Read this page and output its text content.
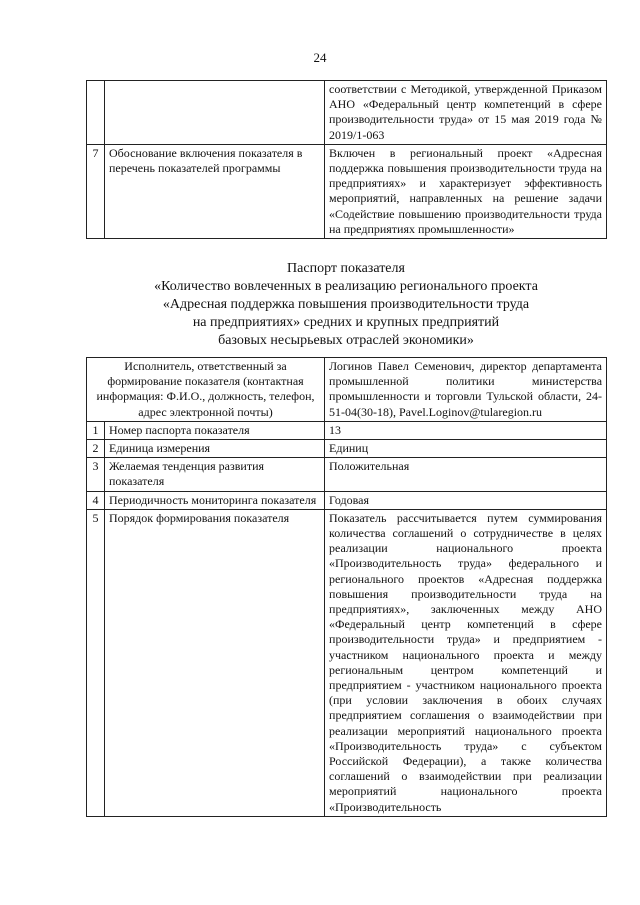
24
		соответствии с Методикой, утвержденной Приказом АНО «Федеральный центр компетенций в сфере производительности труда» от 15 мая 2019 года № 2019/1-063
7	Обоснование включения показателя в перечень показателей программы	Включен в региональный проект «Адресная поддержка повышения производительности труда на предприятиях» и характеризует эффективность мероприятий, направленных на решение задачи «Содействие повышению производительности труда на предприятиях промышленности»
Паспорт показателя
«Количество вовлеченных в реализацию регионального проекта
«Адресная поддержка повышения производительности труда
на предприятиях» средних и крупных предприятий
базовых несырьевых отраслей экономики»
Исполнитель, ответственный за формирование показателя (контактная информация: Ф.И.О., должность, телефон, адрес электронной почты)		Логинов Павел Семенович, директор департамента промышленной политики министерства промышленности и торговли Тульской области, 24-51-04(30-18), Pavel.Loginov@tularegion.ru
1	Номер паспорта показателя	13
2	Единица измерения	Единиц
3	Желаемая тенденция развития показателя	Положительная
4	Периодичность мониторинга показателя	Годовая
5	Порядок формирования показателя	Показатель рассчитывается путем суммирования количества соглашений о сотрудничестве в целях реализации национального проекта «Производительность труда» федерального и регионального проектов «Адресная поддержка повышения производительности труда на предприятиях», заключенных между АНО «Федеральный центр компетенций в сфере производительности труда» и предприятием - участником национального проекта и между региональным центром компетенций и предприятием - участником национального проекта (при условии заключения в обоих случаях предприятием соглашения о взаимодействии при реализации мероприятий национального проекта «Производительность труда» с субъектом Российской Федерации), а также количества соглашений о взаимодействии при реализации мероприятий национального проекта «Производительность
